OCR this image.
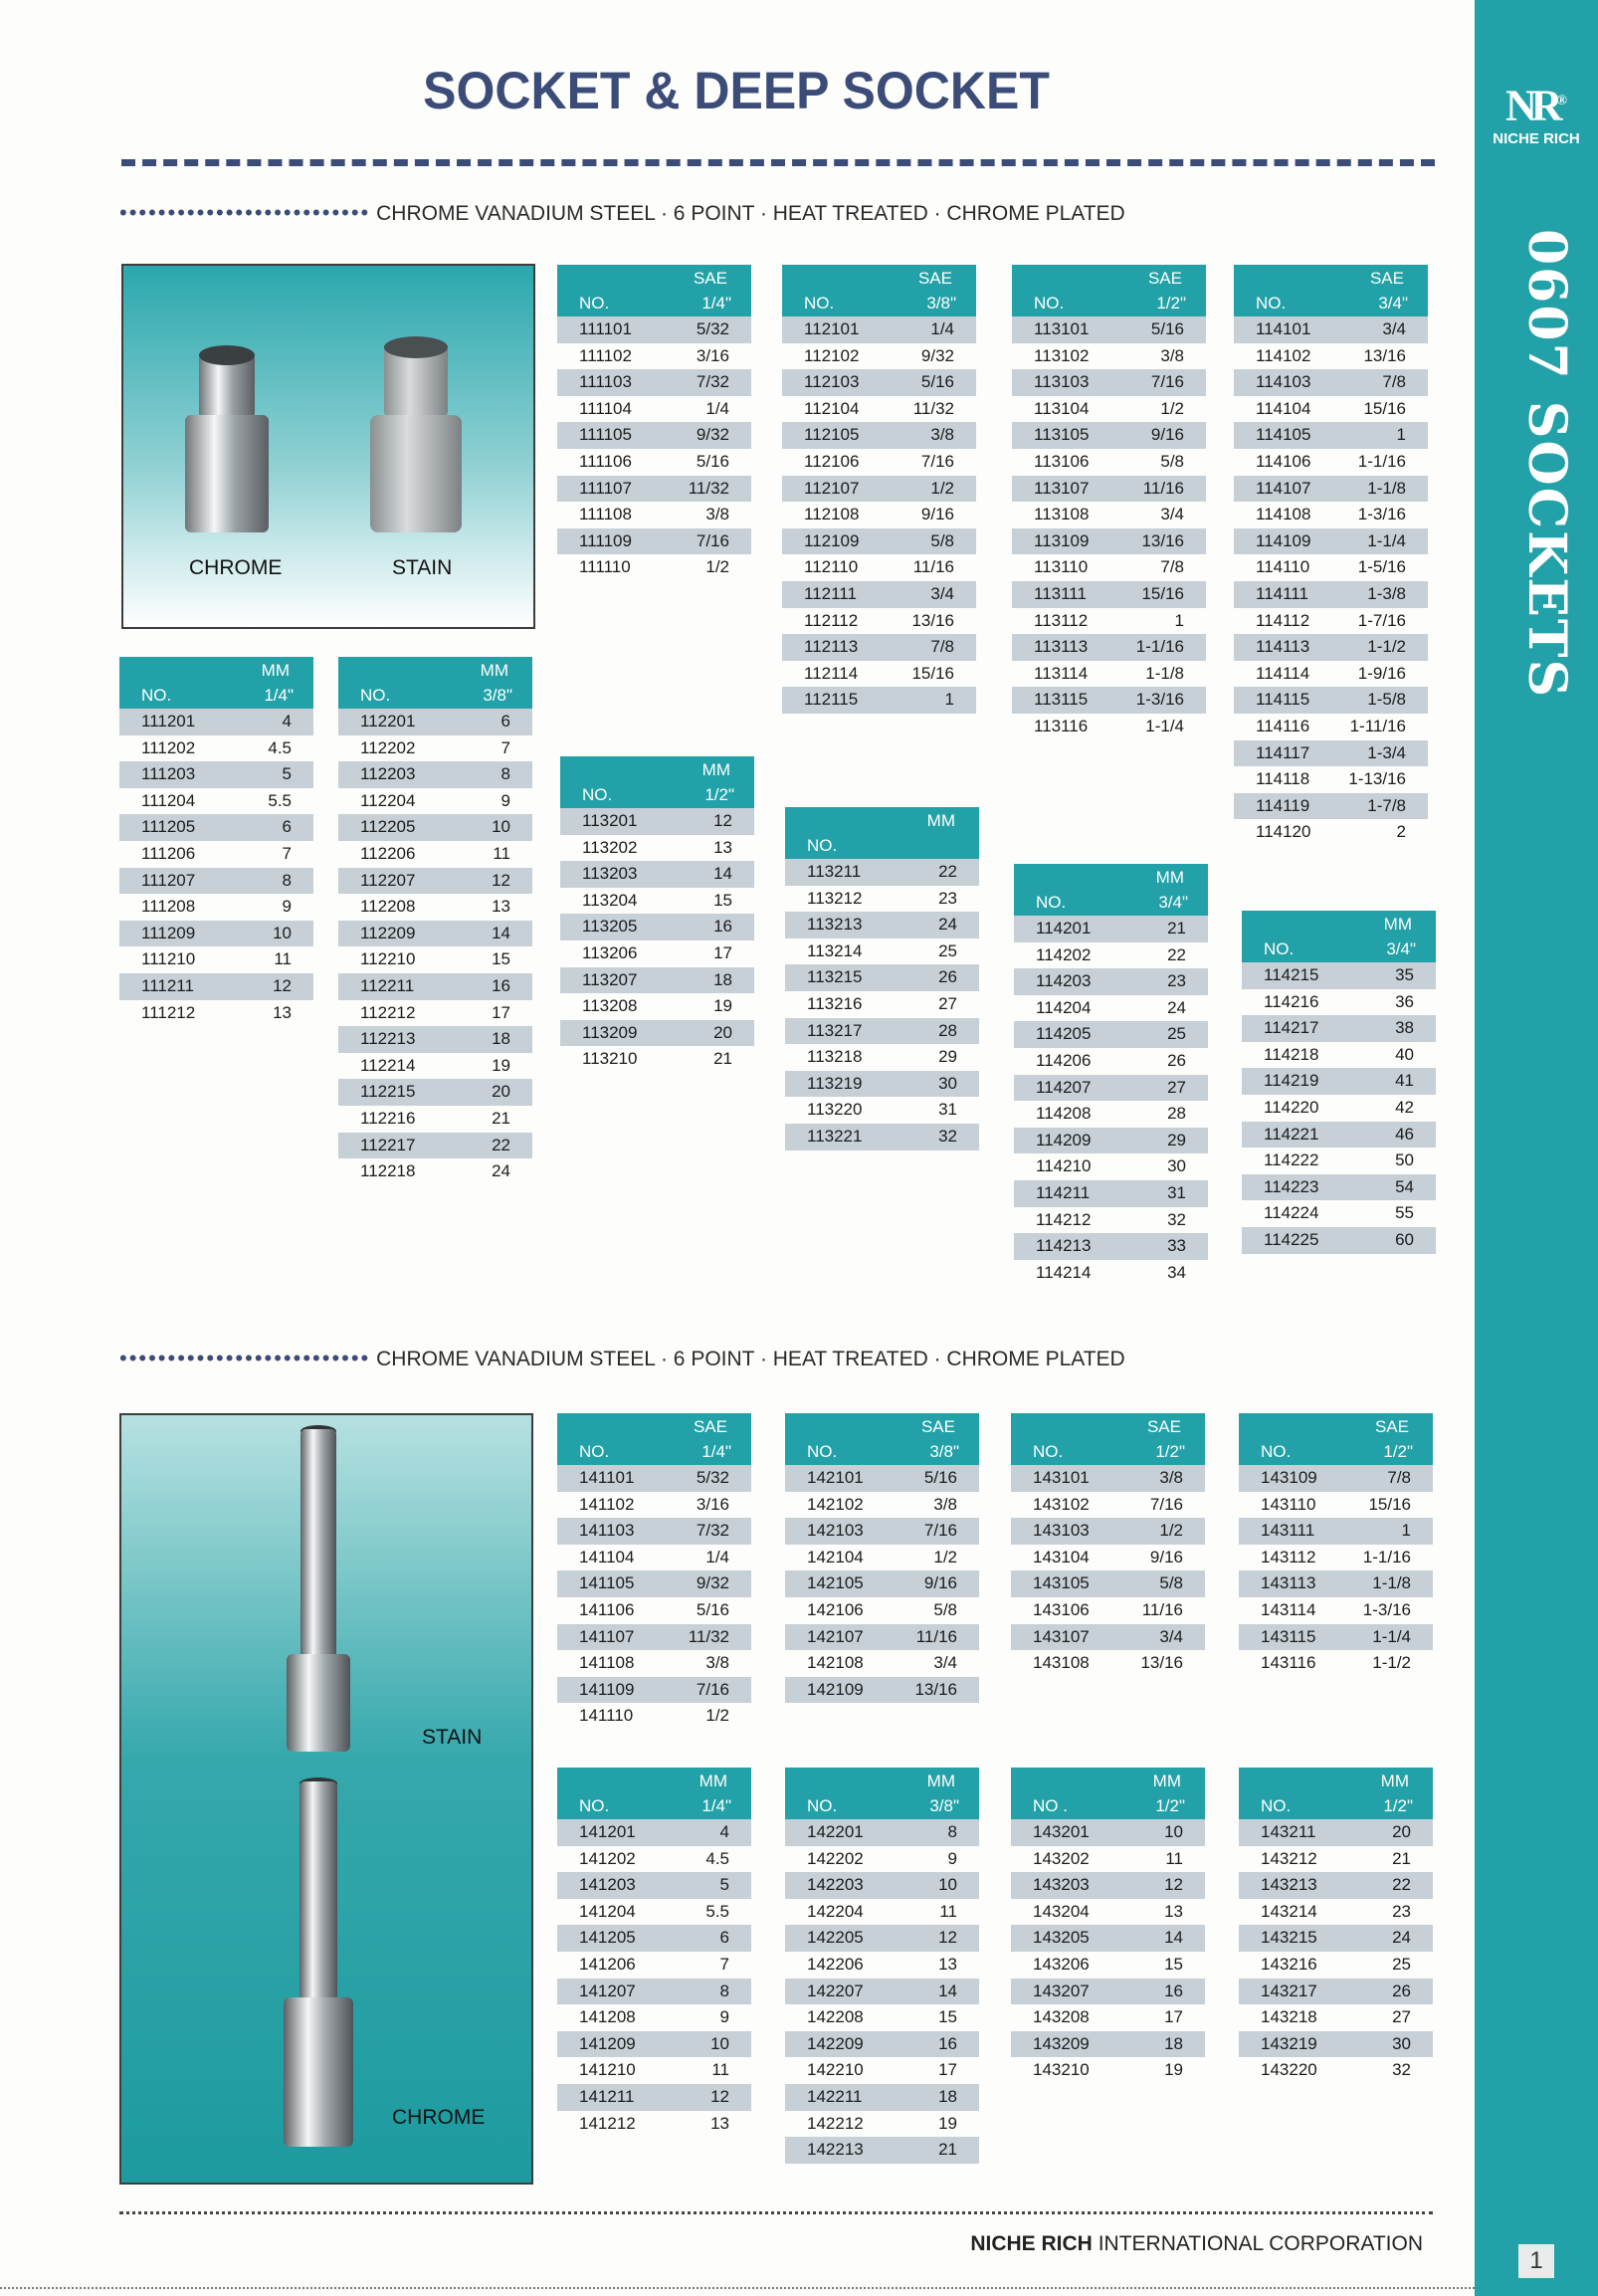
NR®
NICHE RICH
0607 SOCKETS
1
SOCKET & DEEP SOCKET
•••••••••••••••••••••••••• CHROME VANADIUM STEEL · 6 POINT · HEAT TREATED · CHROME PLATED
CHROME	STAIN
SAE
NO.	1/4"
111101	5/32
111102	3/16
111103	7/32
111104	1/4
111105	9/32
111106	5/16
111107	11/32
111108	3/8
111109	7/16
111110	1/2
SAE
NO.	3/8"
112101	1/4
112102	9/32
112103	5/16
112104	11/32
112105	3/8
112106	7/16
112107	1/2
112108	9/16
112109	5/8
112110	11/16
112111	3/4
112112	13/16
112113	7/8
112114	15/16
112115	1
SAE
NO.	1/2"
113101	5/16
113102	3/8
113103	7/16
113104	1/2
113105	9/16
113106	5/8
113107	11/16
113108	3/4
113109	13/16
113110	7/8
113111	15/16
113112	1
113113	1-1/16
113114	1-1/8
113115	1-3/16
113116	1-1/4
SAE
NO.	3/4"
114101	3/4
114102	13/16
114103	7/8
114104	15/16
114105	1
114106	1-1/16
114107	1-1/8
114108	1-3/16
114109	1-1/4
114110	1-5/16
114111	1-3/8
114112	1-7/16
114113	1-1/2
114114	1-9/16
114115	1-5/8
114116 1-11/16
114117	1-3/4
114118 1-13/16
114119	1-7/8
114120	2
MM
NO.	1/4"
111201	4
111202	4.5
111203	5
111204	5.5
111205	6
111206	7
111207	8
111208	9
111209	10
111210	11
111211	12
111212	13
MM
NO.	3/8"
112201	6
112202	7
112203	8
112204	9
112205	10
112206	11
112207	12
112208	13
112209	14
112210	15
112211	16
112212	17
112213	18
112214	19
112215	20
112216	21
112217	22
112218	24
MM
NO.	1/2"
113201	12
113202	13
113203	14
113204	15
113205	16
113206	17
113207	18
113208	19
113209	20
113210	21
MM
NO.
113211	22
113212	23
113213	24
113214	25
113215	26
113216	27
113217	28
113218	29
113219	30
113220	31
113221	32
MM
NO.	3/4"
114201	21
114202	22
114203	23
114204	24
114205	25
114206	26
114207	27
114208	28
114209	29
114210	30
114211	31
114212	32
114213	33
114214	34
MM
NO.	3/4"
114215	35
114216	36
114217	38
114218	40
114219	41
114220	42
114221	46
114222	50
114223	54
114224	55
114225	60
•••••••••••••••••••••••••• CHROME VANADIUM STEEL · 6 POINT · HEAT TREATED · CHROME PLATED
STAIN
CHROME
SAE
NO.	1/4"
141101	5/32
141102	3/16
141103	7/32
141104	1/4
141105	9/32
141106	5/16
141107	11/32
141108	3/8
141109	7/16
141110	1/2
SAE
NO.	3/8"
142101	5/16
142102	3/8
142103	7/16
142104	1/2
142105	9/16
142106	5/8
142107	11/16
142108	3/4
142109	13/16
SAE
NO.	1/2"
143101	3/8
143102	7/16
143103	1/2
143104	9/16
143105	5/8
143106	11/16
143107	3/4
143108	13/16
SAE
NO.	1/2"
143109	7/8
143110	15/16
143111	1
143112	1-1/16
143113	1-1/8
143114	1-3/16
143115	1-1/4
143116	1-1/2
MM
NO.	1/4"
141201	4
141202	4.5
141203	5
141204	5.5
141205	6
141206	7
141207	8
141208	9
141209	10
141210	11
141211	12
141212	13
MM
NO.	3/8"
142201	8
142202	9
142203	10
142204	11
142205	12
142206	13
142207	14
142208	15
142209	16
142210	17
142211	18
142212	19
142213	21
MM
NO .	1/2"
143201	10
143202	11
143203	12
143204	13
143205	14
143206	15
143207	16
143208	17
143209	18
143210	19
MM
NO.	1/2"
143211	20
143212	21
143213	22
143214	23
143215	24
143216	25
143217	26
143218	27
143219	30
143220	32
NICHE RICH INTERNATIONAL CORPORATION
